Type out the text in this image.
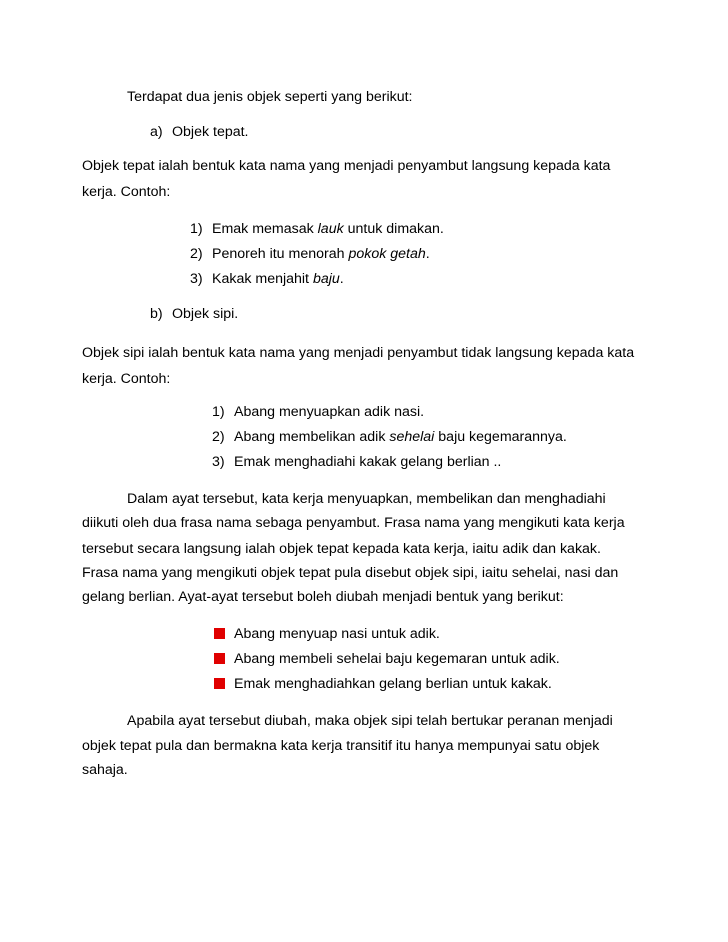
Terdapat dua jenis objek seperti yang berikut:
a) Objek tepat.
Objek tepat ialah bentuk kata nama yang menjadi penyambut langsung kepada kata
kerja. Contoh:
1) Emak memasak lauk untuk dimakan.
2) Penoreh itu menorah pokok getah.
3) Kakak menjahit baju.
b) Objek sipi.
Objek sipi ialah bentuk kata nama yang menjadi penyambut tidak langsung kepada kata
kerja. Contoh:
1) Abang menyuapkan adik nasi.
2) Abang membelikan adik sehelai baju kegemarannya.
3) Emak menghadiahi kakak gelang berlian ..
Dalam ayat tersebut, kata kerja menyuapkan, membelikan dan menghadiahi
diikuti oleh dua frasa nama sebaga penyambut. Frasa nama yang mengikuti kata kerja
tersebut secara langsung ialah objek tepat kepada kata kerja, iaitu adik dan kakak.
Frasa nama yang mengikuti objek tepat pula disebut objek sipi, iaitu sehelai, nasi dan
gelang berlian. Ayat-ayat tersebut boleh diubah menjadi bentuk yang berikut:
Abang menyuap nasi untuk adik.
Abang membeli sehelai baju kegemaran untuk adik.
Emak menghadiahkan gelang berlian untuk kakak.
Apabila ayat tersebut diubah, maka objek sipi telah bertukar peranan menjadi
objek tepat pula dan bermakna kata kerja transitif itu hanya mempunyai satu objek
sahaja.
